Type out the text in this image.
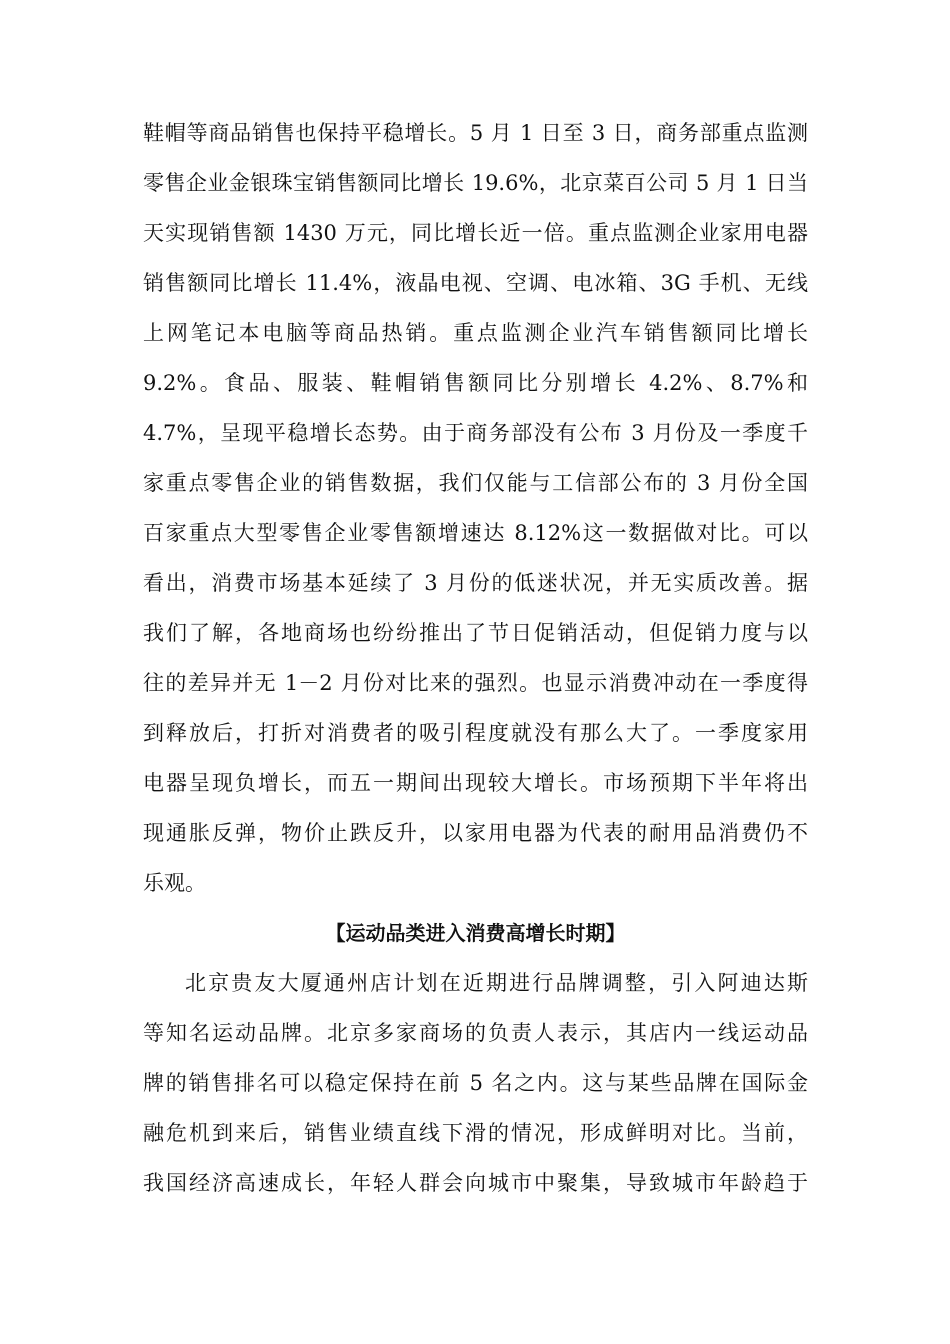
鞋帽等商品销售也保持平稳增长。5 月 1 日至 3 日，商务部重点监测
零售企业金银珠宝销售额同比增长 19.6%，北京菜百公司 5 月 1 日当
天实现销售额 1430 万元，同比增长近一倍。重点监测企业家用电器
销售额同比增长 11.4%，液晶电视、空调、电冰箱、3G 手机、无线
上网笔记本电脑等商品热销。重点监测企业汽车销售额同比增长
9.2%。食品、服装、鞋帽销售额同比分别增长 4.2%、8.7%和
4.7%，呈现平稳增长态势。由于商务部没有公布 3 月份及一季度千
家重点零售企业的销售数据，我们仅能与工信部公布的 3 月份全国
百家重点大型零售企业零售额增速达 8.12%这一数据做对比。可以
看出，消费市场基本延续了 3 月份的低迷状况，并无实质改善。据
我们了解，各地商场也纷纷推出了节日促销活动，但促销力度与以
往的差异并无 1－2 月份对比来的强烈。也显示消费冲动在一季度得
到释放后，打折对消费者的吸引程度就没有那么大了。一季度家用
电器呈现负增长，而五一期间出现较大增长。市场预期下半年将出
现通胀反弹，物价止跌反升，以家用电器为代表的耐用品消费仍不
乐观。
【运动品类进入消费高增长时期】
北京贵友大厦通州店计划在近期进行品牌调整，引入阿迪达斯
等知名运动品牌。北京多家商场的负责人表示，其店内一线运动品
牌的销售排名可以稳定保持在前 5 名之内。这与某些品牌在国际金
融危机到来后，销售业绩直线下滑的情况，形成鲜明对比。当前，
我国经济高速成长，年轻人群会向城市中聚集，导致城市年龄趋于
